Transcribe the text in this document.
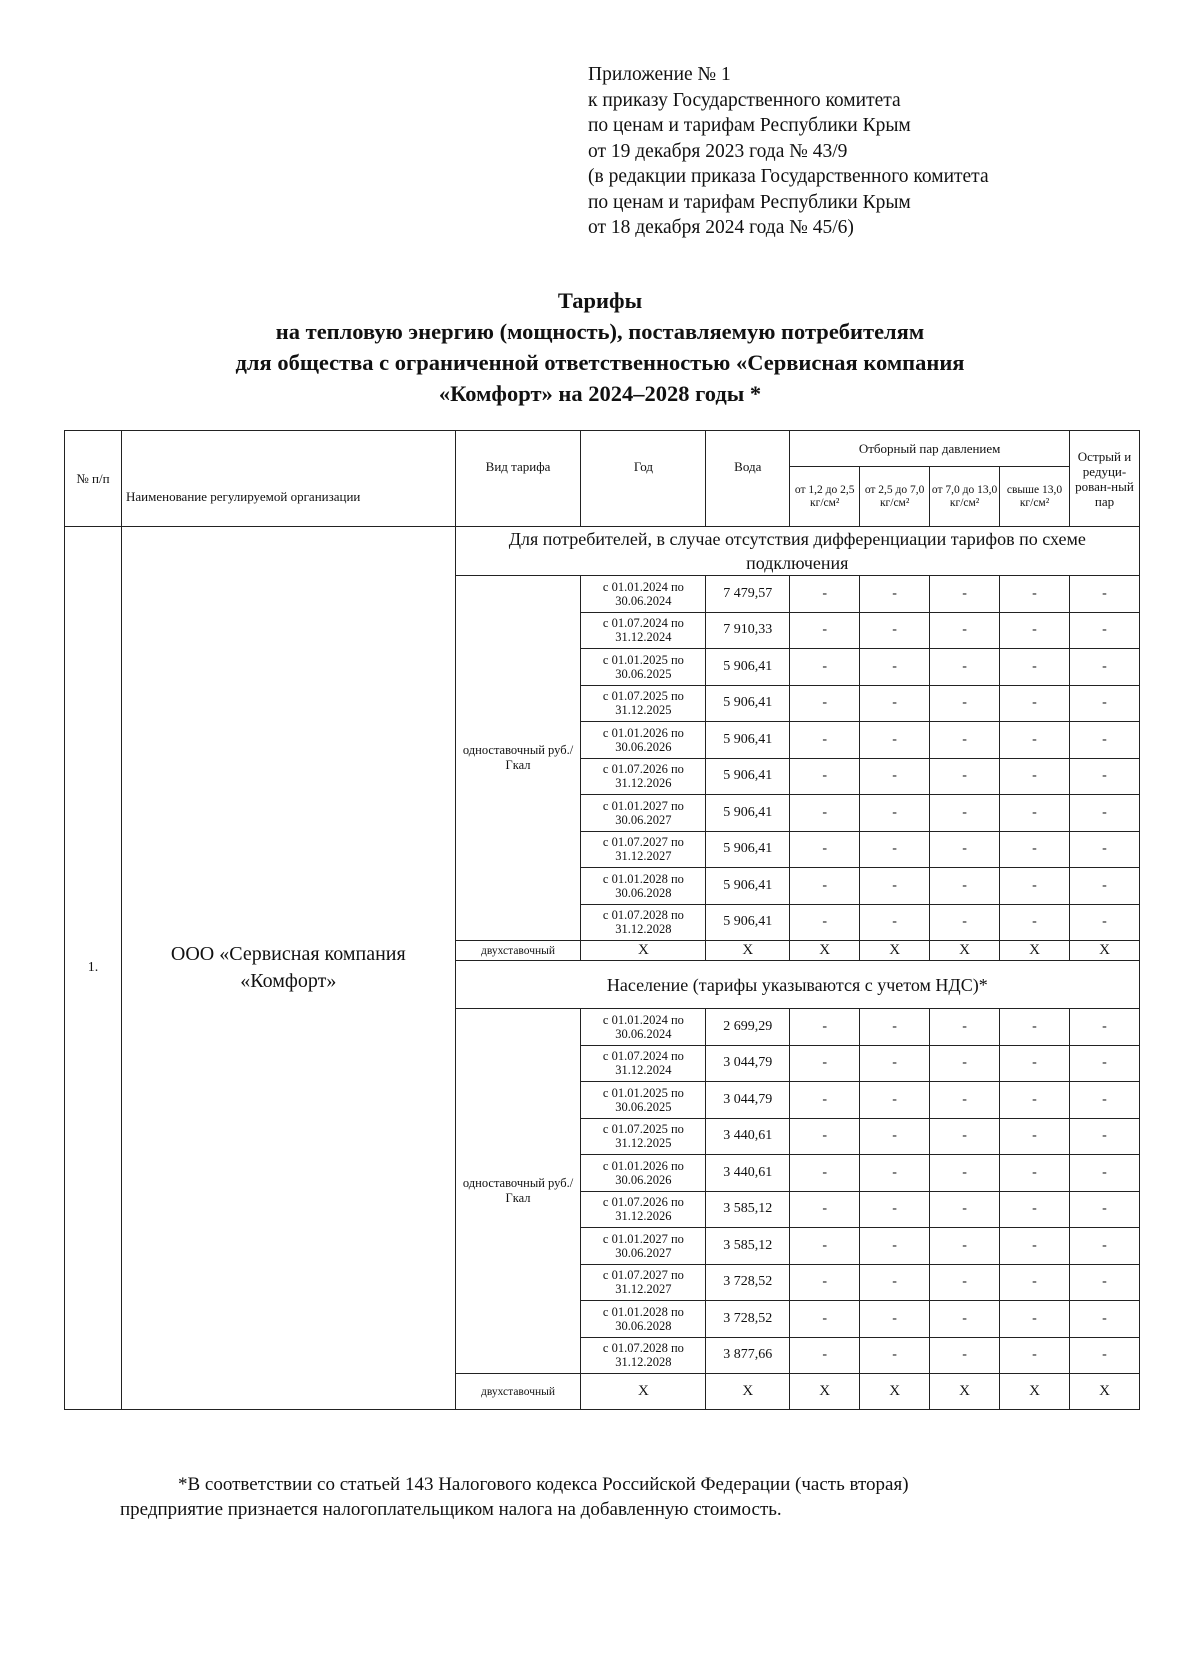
Приложение № 1
к приказу Государственного комитета
по ценам и тарифам Республики Крым
от 19 декабря 2023 года № 43/9
(в редакции приказа Государственного комитета
по ценам и тарифам Республики Крым
от 18 декабря 2024 года № 45/6)
Тарифы
на тепловую энергию (мощность), поставляемую потребителям
для общества с ограниченной ответственностью «Сервисная компания
«Комфорт» на 2024–2028 годы *
№ п/п	Наименование регулируемой организации	Вид тарифа	Год	Вода	Отборный пар давлением				Острый и редуци-рован-ный пар
					от 1,2 до 2,5 кг/см²	от 2,5 до 7,0 кг/см²	от 7,0 до 13,0 кг/см²	свыше 13,0 кг/см²	
1.	ООО «Сервисная компания «Комфорт»	Для потребителей, в случае отсутствия дифференциации тарифов по схеме подключения							
		одноставочный руб./Гкал	с 01.01.2024 по 30.06.2024	7 479,57	-	-	-	-	-
			с 01.07.2024 по 31.12.2024	7 910,33	-	-	-	-	-
			с 01.01.2025 по 30.06.2025	5 906,41	-	-	-	-	-
			с 01.07.2025 по 31.12.2025	5 906,41	-	-	-	-	-
			с 01.01.2026 по 30.06.2026	5 906,41	-	-	-	-	-
			с 01.07.2026 по 31.12.2026	5 906,41	-	-	-	-	-
			с 01.01.2027 по 30.06.2027	5 906,41	-	-	-	-	-
			с 01.07.2027 по 31.12.2027	5 906,41	-	-	-	-	-
			с 01.01.2028 по 30.06.2028	5 906,41	-	-	-	-	-
			с 01.07.2028 по 31.12.2028	5 906,41	-	-	-	-	-
		двухставочный	X	X	X	X	X	X	X
		Население (тарифы указываются с учетом НДС)*							
		одноставочный руб./Гкал	с 01.01.2024 по 30.06.2024	2 699,29	-	-	-	-	-
			с 01.07.2024 по 31.12.2024	3 044,79	-	-	-	-	-
			с 01.01.2025 по 30.06.2025	3 044,79	-	-	-	-	-
			с 01.07.2025 по 31.12.2025	3 440,61	-	-	-	-	-
			с 01.01.2026 по 30.06.2026	3 440,61	-	-	-	-	-
			с 01.07.2026 по 31.12.2026	3 585,12	-	-	-	-	-
			с 01.01.2027 по 30.06.2027	3 585,12	-	-	-	-	-
			с 01.07.2027 по 31.12.2027	3 728,52	-	-	-	-	-
			с 01.01.2028 по 30.06.2028	3 728,52	-	-	-	-	-
			с 01.07.2028 по 31.12.2028	3 877,66	-	-	-	-	-
		двухставочный	X	X	X	X	X	X	X
*В соответствии со статьей 143 Налогового кодекса Российской Федерации (часть вторая)
предприятие признается налогоплательщиком налога на добавленную стоимость.
